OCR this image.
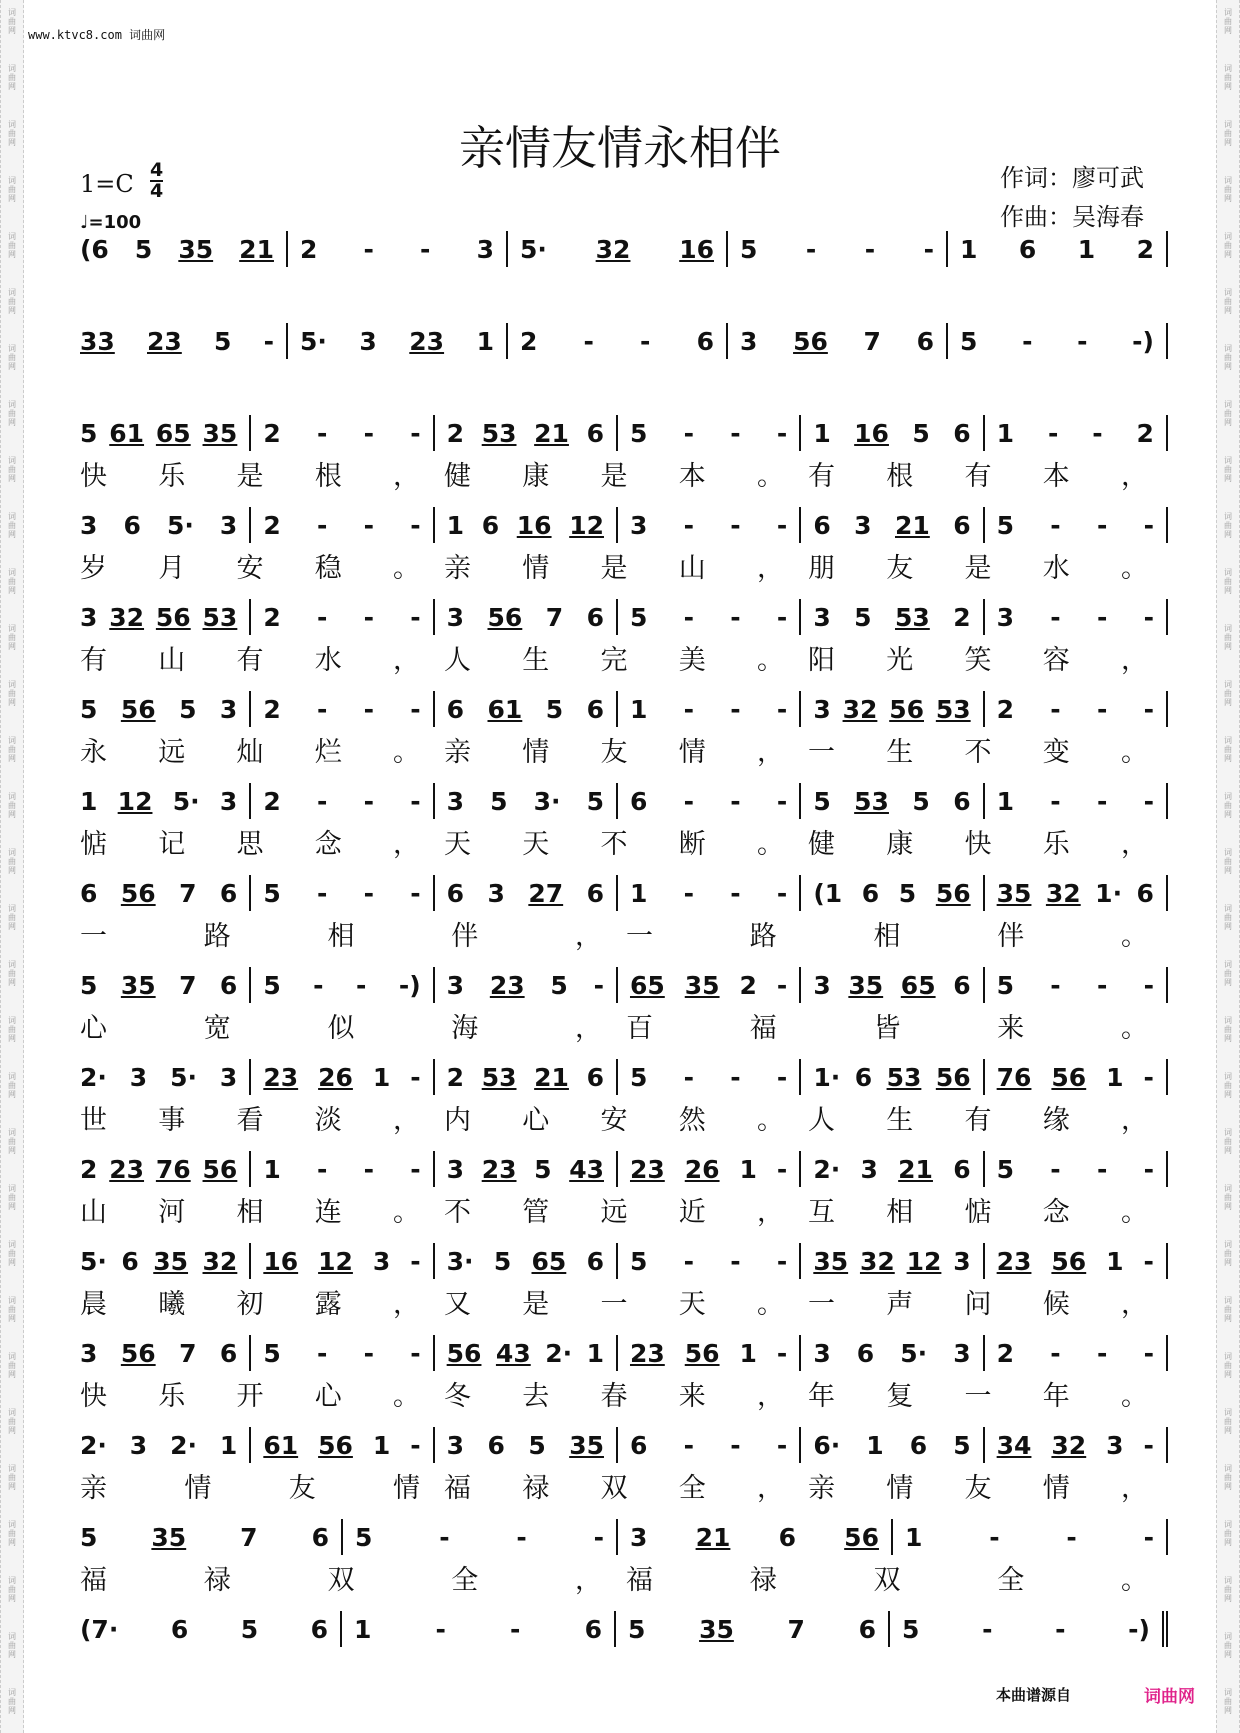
词
曲
网
词
曲
网
词
曲
网
词
曲
网
词
曲
网
词
曲
网
词
曲
网
词
曲
网
词
曲
网
词
曲
网
词
曲
网
词
曲
网
词
曲
网
词
曲
网
词
曲
网
词
曲
网
词
曲
网
词
曲
网
词
曲
网
词
曲
网
词
曲
网
词
曲
网
词
曲
网
词
曲
网
词
曲
网
词
曲
网
词
曲
网
词
曲
网
词
曲
网
词
曲
网
词
曲
网
词
曲
网
词
曲
网
词
曲
网
词
曲
网
词
曲
网
词
曲
网
词
曲
网
词
曲
网
词
曲
网
词
曲
网
词
曲
网
词
曲
网
词
曲
网
词
曲
网
词
曲
网
词
曲
网
词
曲
网
词
曲
网
词
曲
网
词
曲
网
词
曲
网
词
曲
网
词
曲
网
词
曲
网
词
曲
网
词
曲
网
词
曲
网
词
曲
网
词
曲
网
词
曲
网
词
曲
网
www.ktvc8.com 词曲网
亲情友情永相伴
1=C 4
4
♩=100
作词：廖可武
作曲：吴海春
(6 5 35 21 2 - - 3 5· 32 16 5 - - - 1 6 1 2
33 23 5 - 5· 3 23 1 2 - - 6 3 56 7 6 5 - - -)
5 61 65 35 2 - - - 2 53 21 6 5 - - - 1 16 5 6 1 - - 2
快 乐 是 根 ， 健 康 是 本 。 有 根 有 本 ，
3 6 5· 3 2 - - - 1 6 16 12 3 - - - 6 3 21 6 5 - - -
岁 月 安 稳 。 亲 情 是 山 ， 朋 友 是 水 。
3 32 56 53 2 - - - 3 56 7 6 5 - - - 3 5 53 2 3 - - -
有 山 有 水 ， 人 生 完 美 。 阳 光 笑 容 ，
5 56 5 3 2 - - - 6 61 5 6 1 - - - 3 32 56 53 2 - - -
永 远 灿 烂 。 亲 情 友 情 ， 一 生 不 变 。
1 12 5· 3 2 - - - 3 5 3· 5 6 - - - 5 53 5 6 1 - - -
惦 记 思 念 ， 天 天 不 断 。 健 康 快 乐 ，
6 56 7 6 5 - - - 6 3 27 6 1 - - - (1 6 5 56 35 32 1· 6
一	路	相	伴	， 一	路	相	伴	。
5 35 7 6 5 - - -) 3 23 5 - 65 35 2 - 3 35 65 6 5 - - -
心	宽	似	海	， 百	福	皆	来	。
2· 3 5· 3 23 26 1 - 2 53 21 6 5 - - - 1· 6 53 56 76 56 1 -
世 事 看 淡 ， 内 心 安 然 。 人 生 有 缘 ，
2 23 76 56 1 - - - 3 23 5 43 23 26 1 - 2· 3 21 6 5 - - -
山 河 相 连 。 不 管 远 近 ， 互 相 惦 念 。
5· 6 35 32 16 12 3 - 3· 5 65 6 5 - - - 35 32 12 3 23 56 1 -
晨 曦 初 露 ， 又 是 一 天 。 一 声 问 候 ，
3 56 7 6 5 - - - 56 43 2· 1 23 56 1 - 3 6 5· 3 2 - - -
快 乐 开 心 。 冬 去 春 来 ， 年 复 一 年 。
2· 3 2· 1 61 56 1 - 3 6 5 35 6 - - - 6· 1 6 5 34 32 3 -
亲	情	友	情 福 禄 双 全 ， 亲 情 友 情 ，
5 35 7 6 5	-	-	- 3 21 6 56 1	-	-	-
福	禄	双	全	， 福	禄	双	全	。
(7· 6 5 6 1	-	-	6 5 35 7 6 5	-	-	-)
本曲谱源自	词曲网
